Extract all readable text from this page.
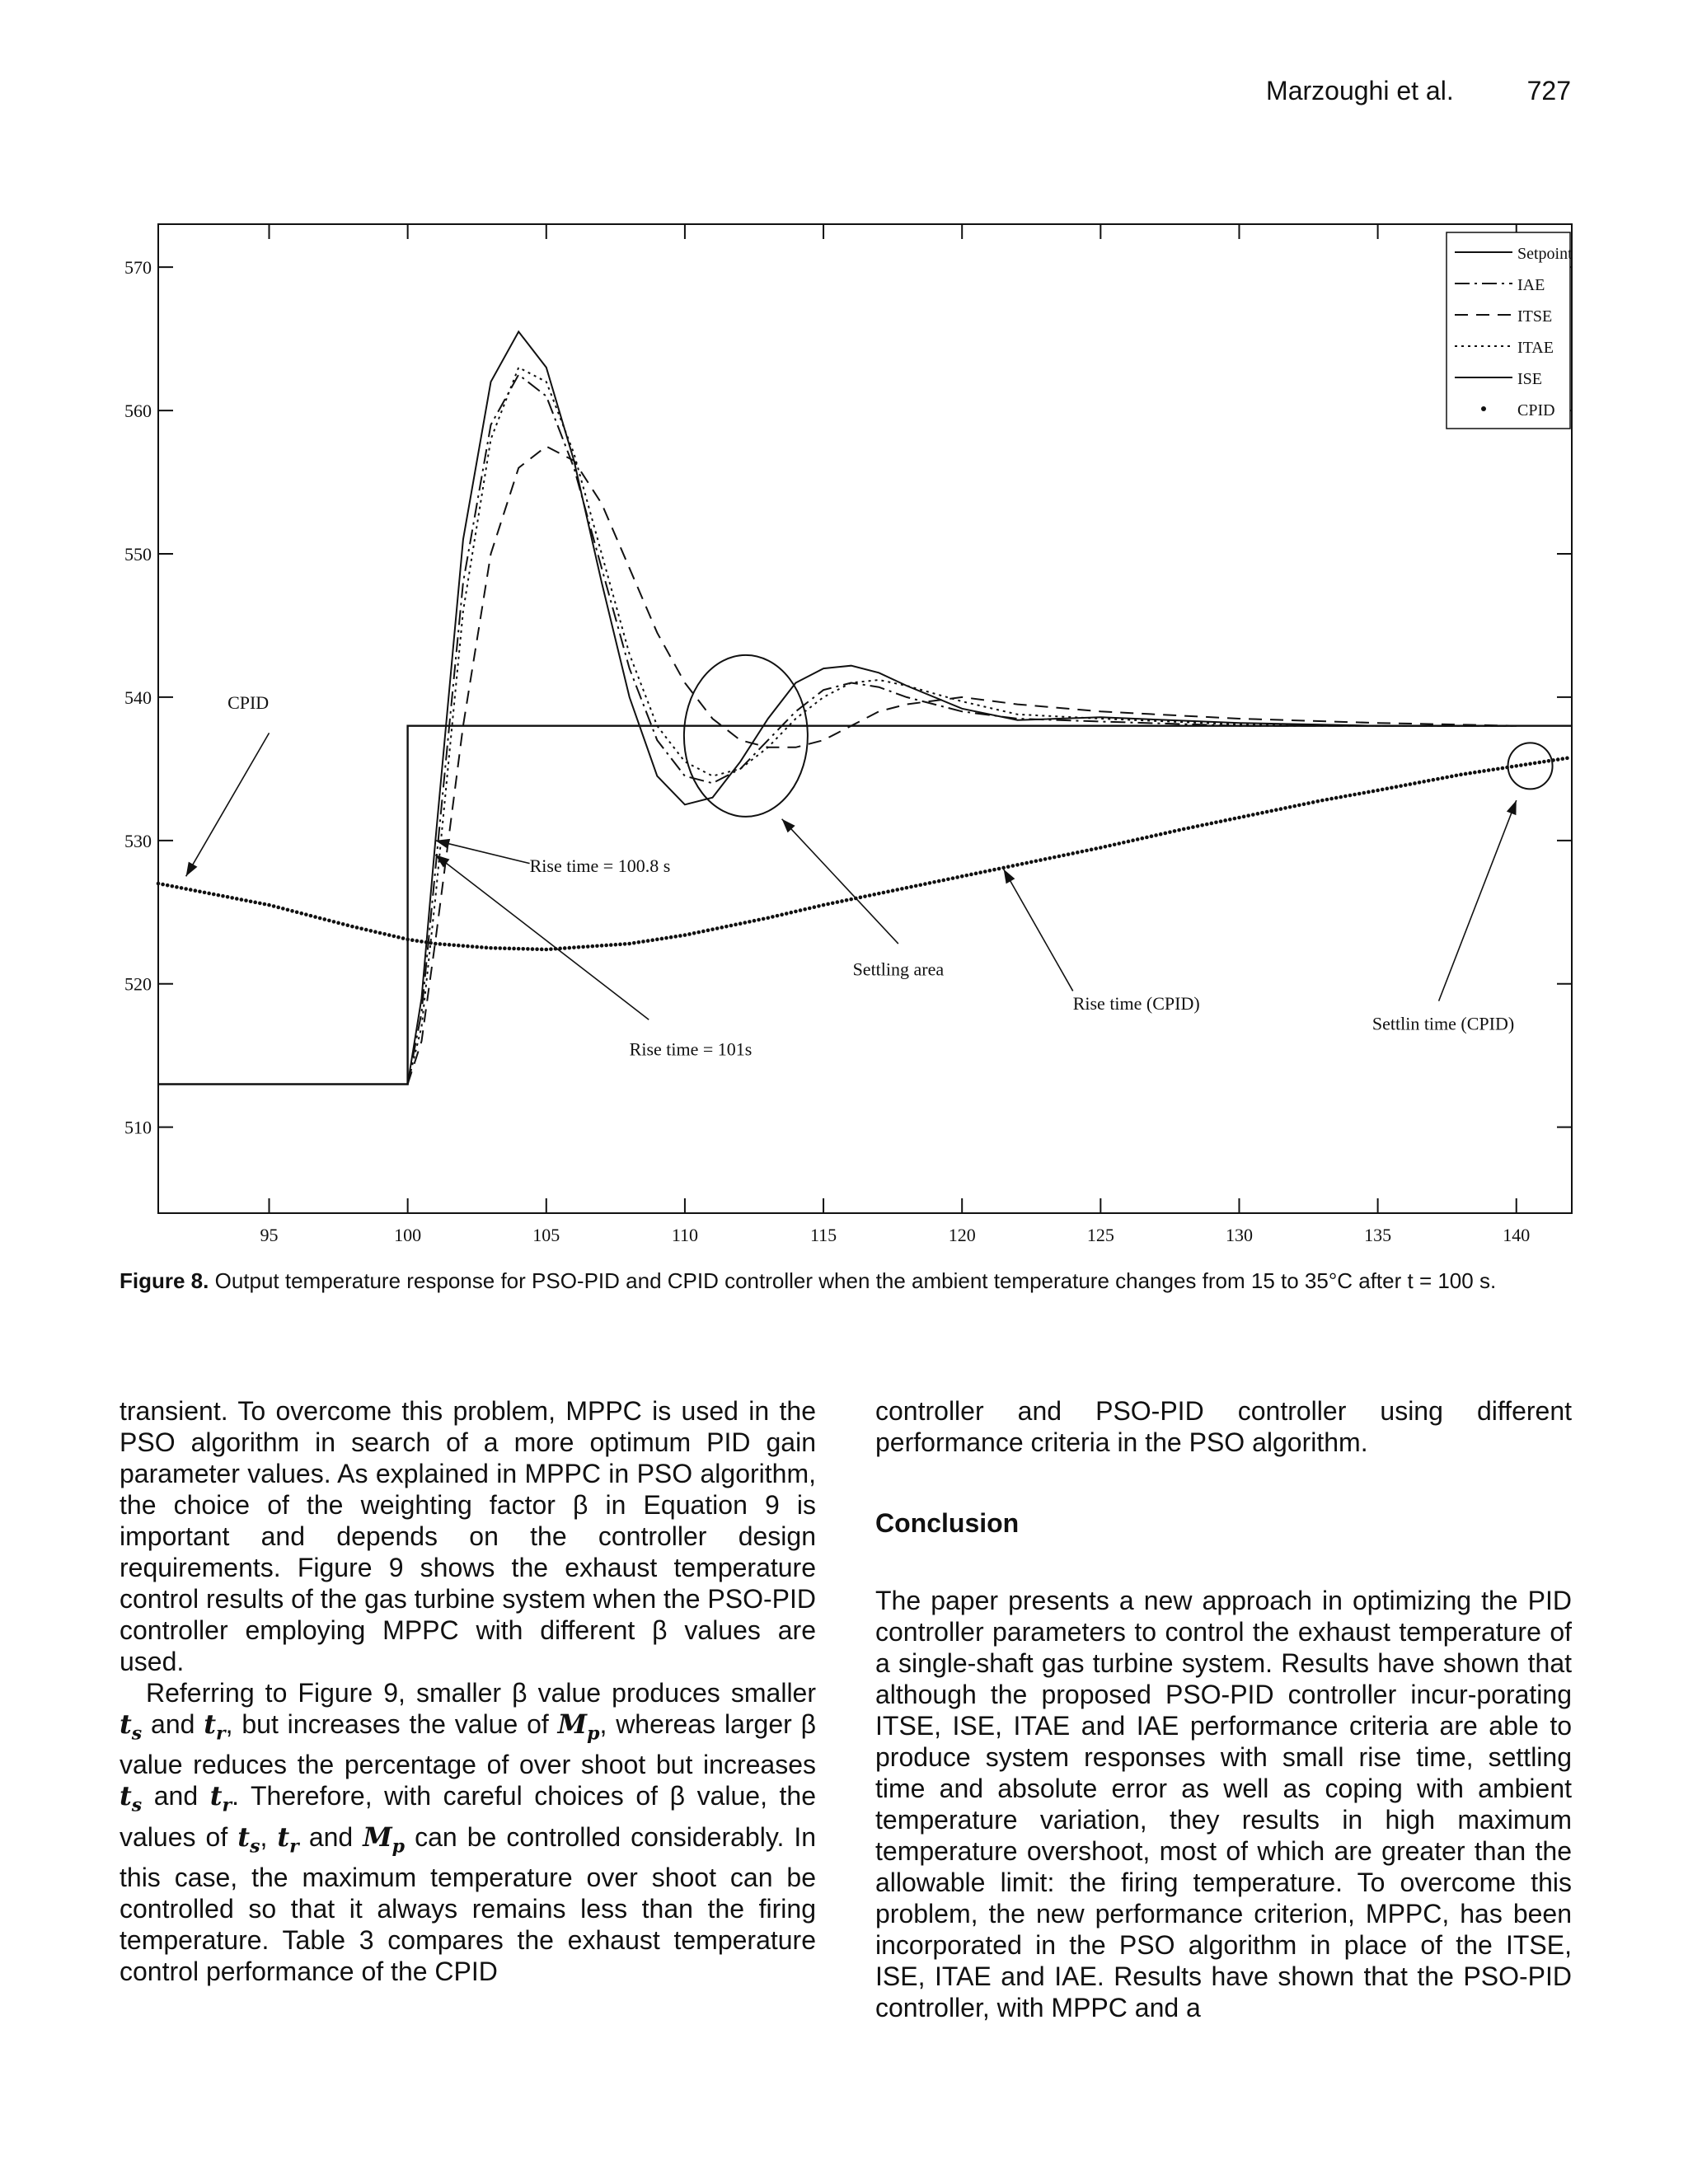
Marzoughi et al.	727
95	100	105	110	115	120	125	130	135	140
510
520
530
540
550
560
570
Setpoint
IAE
ITSE
ITAE
ISE
CPID
CPID
Rise time = 100.8 s
Rise time = 101s
Settling area
Rise time (CPID)
Settlin time (CPID)
Figure 8. Output temperature response for PSO-PID and CPID controller when the ambient temperature changes from 15 to 35°C after t = 100 s.

transient. To overcome this problem, MPPC is used in the PSO algorithm in search of a more optimum PID gain parameter values. As explained in MPPC in PSO algorithm, the choice of the weighting factor β in Equation 9 is important and depends on the controller design requirements. Figure 9 shows the exhaust temperature control results of the gas turbine system when the PSO-PID controller employing MPPC with different β values are used.

Referring to Figure 9, smaller β value produces smaller $t_s$ and $t_r$, but increases the value of $M_p$, whereas larger β value reduces the percentage of over shoot but increases $t_s$ and $t_r$. Therefore, with careful choices of β value, the values of $t_s$, $t_r$ and $M_p$ can be controlled considerably. In this case, the maximum temperature over shoot can be controlled so that it always remains less than the firing temperature. Table 3 compares the exhaust temperature control performance of the CPID

controller and PSO-PID controller using different performance criteria in the PSO algorithm.

Conclusion

The paper presents a new approach in optimizing the PID controller parameters to control the exhaust temperature of a single-shaft gas turbine system. Results have shown that although the proposed PSO-PID controller incur-porating ITSE, ISE, ITAE and IAE performance criteria are able to produce system responses with small rise time, settling time and absolute error as well as coping with ambient temperature variation, they results in high maximum temperature overshoot, most of which are greater than the allowable limit: the firing temperature. To overcome this problem, the new performance criterion, MPPC, has been incorporated in the PSO algorithm in place of the ITSE, ISE, ITAE and IAE. Results have shown that the PSO-PID controller, with MPPC and a
